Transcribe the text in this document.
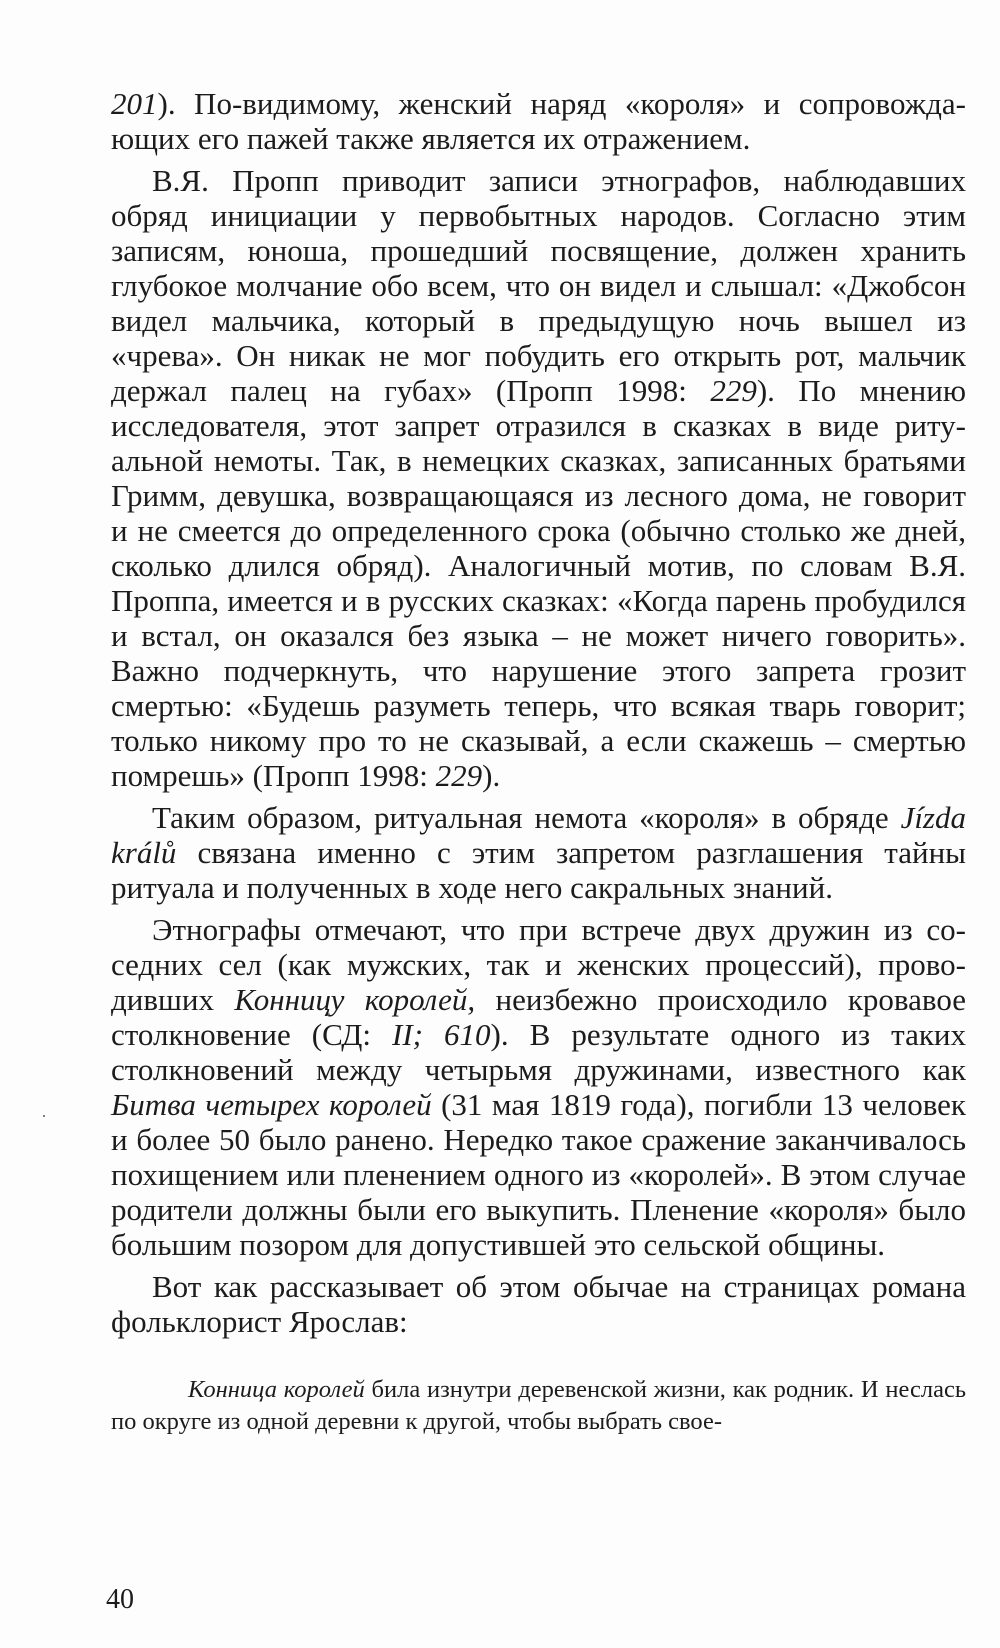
201). По-видимому, женский наряд «короля» и сопровождающих его пажей также является их отражением.

В.Я. Пропп приводит записи этнографов, наблюдавших обряд инициации у первобытных народов. Согласно этим записям, юноша, прошедший посвящение, должен хранить глубокое молчание обо всем, что он видел и слышал: «Джобсон видел мальчика, который в предыдущую ночь вышел из «чрева». Он никак не мог побудить его открыть рот, мальчик держал палец на губах» (Пропп 1998: 229). По мнению исследователя, этот запрет отразился в сказках в виде ритуальной немоты. Так, в немецких сказках, записанных братьями Гримм, девушка, возвращающаяся из лесного дома, не говорит и не смеется до определенного срока (обычно столько же дней, сколько длился обряд). Аналогичный мотив, по словам В.Я. Проппа, имеется и в русских сказках: «Когда парень пробудился и встал, он оказался без языка – не может ничего говорить». Важно подчеркнуть, что нарушение этого запрета грозит смертью: «Будешь разуметь теперь, что всякая тварь говорит; только никому про то не сказывай, а если скажешь – смертью помрешь» (Пропп 1998: 229).

Таким образом, ритуальная немота «короля» в обряде Jízda králů связана именно с этим запретом разглашения тайны ритуала и полученных в ходе него сакральных знаний.

Этнографы отмечают, что при встрече двух дружин из соседних сел (как мужских, так и женских процессий), проводивших Конницу королей, неизбежно происходило кровавое столкновение (СД: II; 610). В результате одного из таких столкновений между четырьмя дружинами, известного как Битва четырех королей (31 мая 1819 года), погибли 13 человек и более 50 было ранено. Нередко такое сражение заканчивалось похищением или пленением одного из «королей». В этом случае родители должны были его выкупить. Пленение «короля» было большим позором для допустившей это сельской общины.

Вот как рассказывает об этом обычае на страницах романа фольклорист Ярослав:

Конница королей била изнутри деревенской жизни, как родник. И неслась по округе из одной деревни к другой, чтобы выбрать свое-

40
